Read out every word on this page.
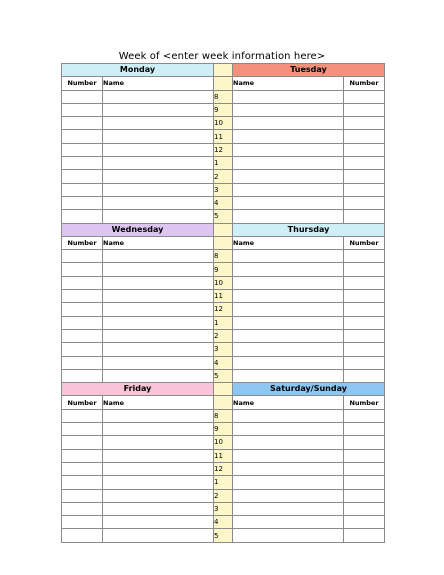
Week of <enter week information here>
Monday			Tuesday	
Number	Name		Name	Number
		8		
		9		
		10		
		11		
		12		
		1		
		2		
		3		
		4		
		5		
Wednesday			Thursday	
Number	Name		Name	Number
		8		
		9		
		10		
		11		
		12		
		1		
		2		
		3		
		4		
		5		
Friday			Saturday/Sunday	
Number	Name		Name	Number
		8		
		9		
		10		
		11		
		12		
		1		
		2		
		3		
		4		
		5		
